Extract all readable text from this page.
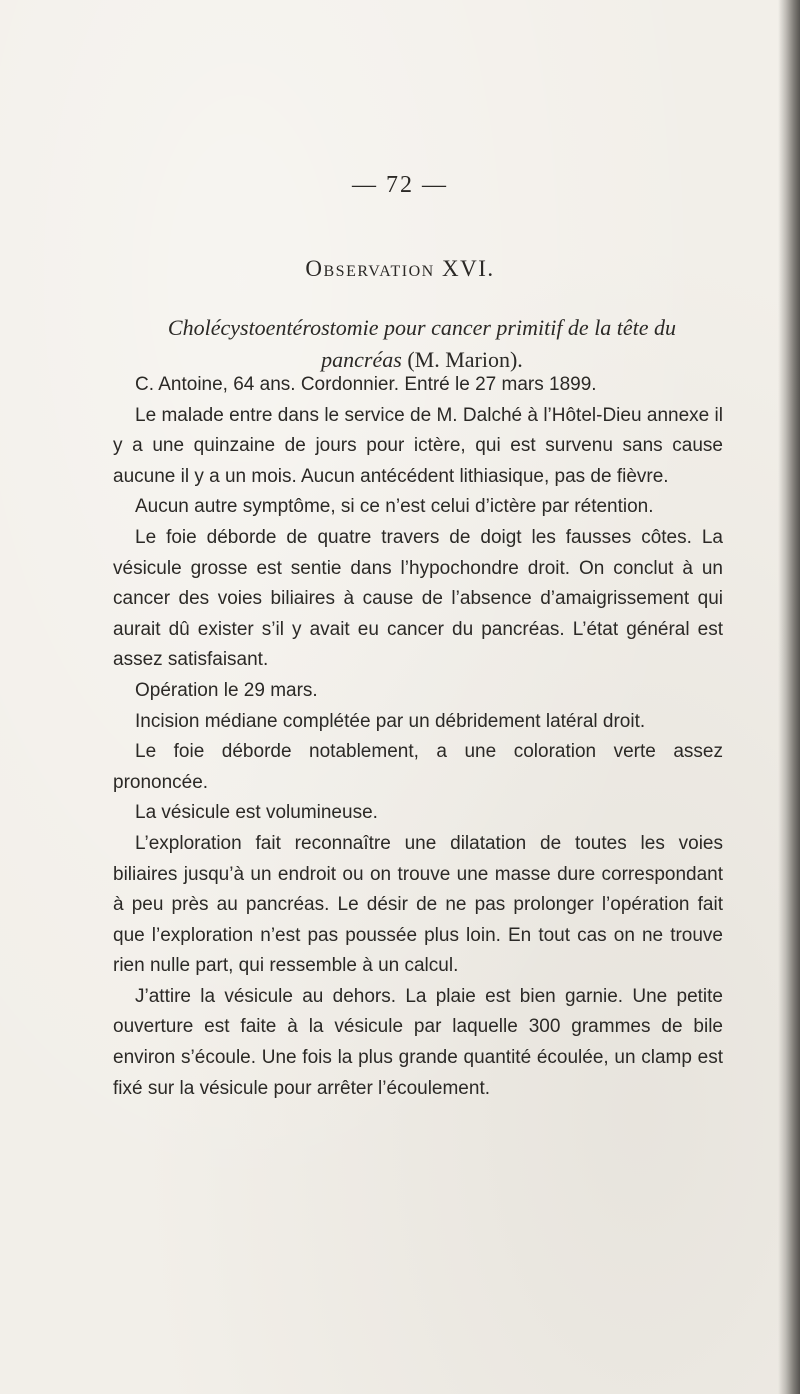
— 72 —
Observation XVI.
Cholécystoentérostomie pour cancer primitif de la tête du
pancréas (M. Marion).

C. Antoine, 64 ans. Cordonnier. Entré le 27 mars 1899.

Le malade entre dans le service de M. Dalché à l’Hôtel-Dieu annexe il y a une quinzaine de jours pour ictère, qui est survenu sans cause aucune il y a un mois. Aucun antécédent lithiasique, pas de fièvre.

Aucun autre symptôme, si ce n’est celui d’ictère par rétention.

Le foie déborde de quatre travers de doigt les fausses côtes. La vésicule grosse est sentie dans l’hypochondre droit. On conclut à un cancer des voies biliaires à cause de l’absence d’amaigrissement qui aurait dû exister s’il y avait eu cancer du pancréas. L’état général est assez satisfaisant.

Opération le 29 mars.

Incision médiane complétée par un débridement latéral droit.

Le foie déborde notablement, a une coloration verte assez prononcée.

La vésicule est volumineuse.

L’exploration fait reconnaître une dilatation de toutes les voies biliaires jusqu’à un endroit ou on trouve une masse dure correspondant à peu près au pancréas. Le désir de ne pas prolonger l’opération fait que l’exploration n’est pas poussée plus loin. En tout cas on ne trouve rien nulle part, qui ressemble à un calcul.

J’attire la vésicule au dehors. La plaie est bien garnie. Une petite ouverture est faite à la vésicule par laquelle 300 grammes de bile environ s’écoule. Une fois la plus grande quantité écoulée, un clamp est fixé sur la vésicule pour arrêter l’écoulement.
